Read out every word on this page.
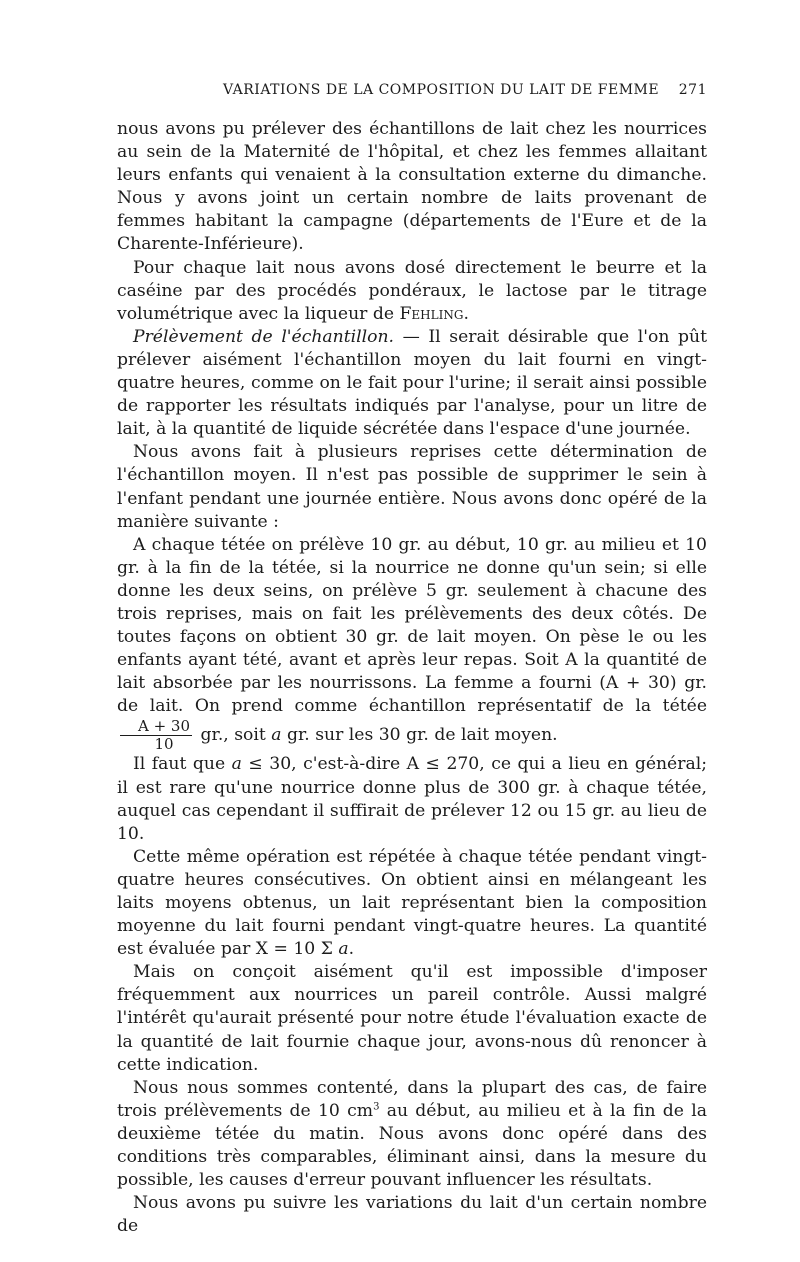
VARIATIONS DE LA COMPOSITION DU LAIT DE FEMME 271

nous avons pu prélever des échantillons de lait chez les nourrices au sein de la Maternité de l'hôpital, et chez les femmes allaitant leurs enfants qui venaient à la consultation externe du dimanche. Nous y avons joint un certain nombre de laits provenant de femmes habitant la campagne (départements de l'Eure et de la Charente-Inférieure).

Pour chaque lait nous avons dosé directement le beurre et la caséine par des procédés pondéraux, le lactose par le titrage volumétrique avec la liqueur de Fehling.

Prélèvement de l'échantillon. — Il serait désirable que l'on pût prélever aisément l'échantillon moyen du lait fourni en vingt-quatre heures, comme on le fait pour l'urine; il serait ainsi possible de rapporter les résultats indiqués par l'analyse, pour un litre de lait, à la quantité de liquide sécrétée dans l'espace d'une journée.

Nous avons fait à plusieurs reprises cette détermination de l'échantillon moyen. Il n'est pas possible de supprimer le sein à l'enfant pendant une journée entière. Nous avons donc opéré de la manière suivante :

A chaque tétée on prélève 10 gr. au début, 10 gr. au milieu et 10 gr. à la fin de la tétée, si la nourrice ne donne qu'un sein; si elle donne les deux seins, on prélève 5 gr. seulement à chacune des trois reprises, mais on fait les prélèvements des deux côtés. De toutes façons on obtient 30 gr. de lait moyen. On pèse le ou les enfants ayant tété, avant et après leur repas. Soit A la quantité de lait absorbée par les nourrissons. La femme a fourni (A + 30) gr. de lait. On prend comme échantillon représentatif de la tétée
$\frac{A + 30}{10}$ gr., soit a gr. sur les 30 gr. de lait moyen.

Il faut que a ≤ 30, c'est-à-dire A ≤ 270, ce qui a lieu en général; il est rare qu'une nourrice donne plus de 300 gr. à chaque tétée, auquel cas cependant il suffirait de prélever 12 ou 15 gr. au lieu de 10.

Cette même opération est répétée à chaque tétée pendant vingt-quatre heures consécutives. On obtient ainsi en mélangeant les laits moyens obtenus, un lait représentant bien la composition moyenne du lait fourni pendant vingt-quatre heures. La quantité est évaluée par X = 10 Σ a.

Mais on conçoit aisément qu'il est impossible d'imposer fréquemment aux nourrices un pareil contrôle. Aussi malgré l'intérêt qu'aurait présenté pour notre étude l'évaluation exacte de la quantité de lait fournie chaque jour, avons-nous dû renoncer à cette indication.

Nous nous sommes contenté, dans la plupart des cas, de faire trois prélèvements de 10 $cm^3$ au début, au milieu et à la fin de la deuxième tétée du matin. Nous avons donc opéré dans des conditions très comparables, éliminant ainsi, dans la mesure du possible, les causes d'erreur pouvant influencer les résultats.

Nous avons pu suivre les variations du lait d'un certain nombre de
